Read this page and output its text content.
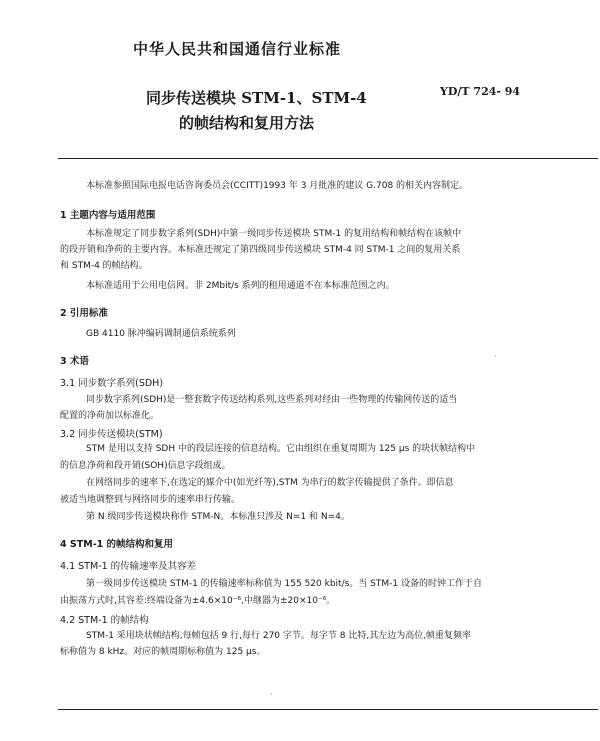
中华人民共和国通信行业标准
同步传送模块 STM-1、STM-4
的帧结构和复用方法
YD/T 724- 94
本标准参照国际电报电话咨询委员会(CCITT)1993 年 3 月批准的建议 G.708 的相关内容制定。
1 主题内容与适用范围
本标准规定了同步数字系列(SDH)中第一级同步传送模块 STM-1 的复用结构和帧结构在该帧中
的段开销和净荷的主要内容。本标准还规定了第四级同步传送模块 STM-4 同 STM-1 之间的复用关系
和 STM-4 的帧结构。
本标准适用于公用电信网。非 2Mbit/s 系列的租用通道不在本标准范围之内。
2 引用标准
GB 4110 脉冲编码调制通信系统系列
3 术语
3.1 同步数字系列(SDH)
同步数字系列(SDH)是一整套数字传送结构系列,这些系列对经由一些物理的传输网传送的适当
配置的净荷加以标准化。
3.2 同步传送模块(STM)
STM 是用以支持 SDH 中的段层连接的信息结构。它由组织在重复周期为 125 μs 的块状帧结构中
的信息净荷和段开销(SOH)信息字段组成。
在网络同步的速率下,在选定的媒介中(如光纤等),STM 为串行的数字传输提供了条件。即信息
被适当地调整到与网络同步的速率串行传输。
第 N 级同步传送模块称作 STM-N。本标准只涉及 N=1 和 N=4。
4 STM-1 的帧结构和复用
4.1 STM-1 的传输速率及其容差
第一级同步传送模块 STM-1 的传输速率标称值为 155 520 kbit/s。当 STM-1 设备的时钟工作于自
由振荡方式时,其容差:终端设备为±4.6×10⁻⁶,中继器为±20×10⁻⁶。
4.2 STM-1 的帧结构
STM-1 采用块状帧结构,每帧包括 9 行,每行 270 字节。每字节 8 比特,其左边为高位,帧重复频率
标称值为 8 kHz。对应的帧周期标称值为 125 μs。
·
·
